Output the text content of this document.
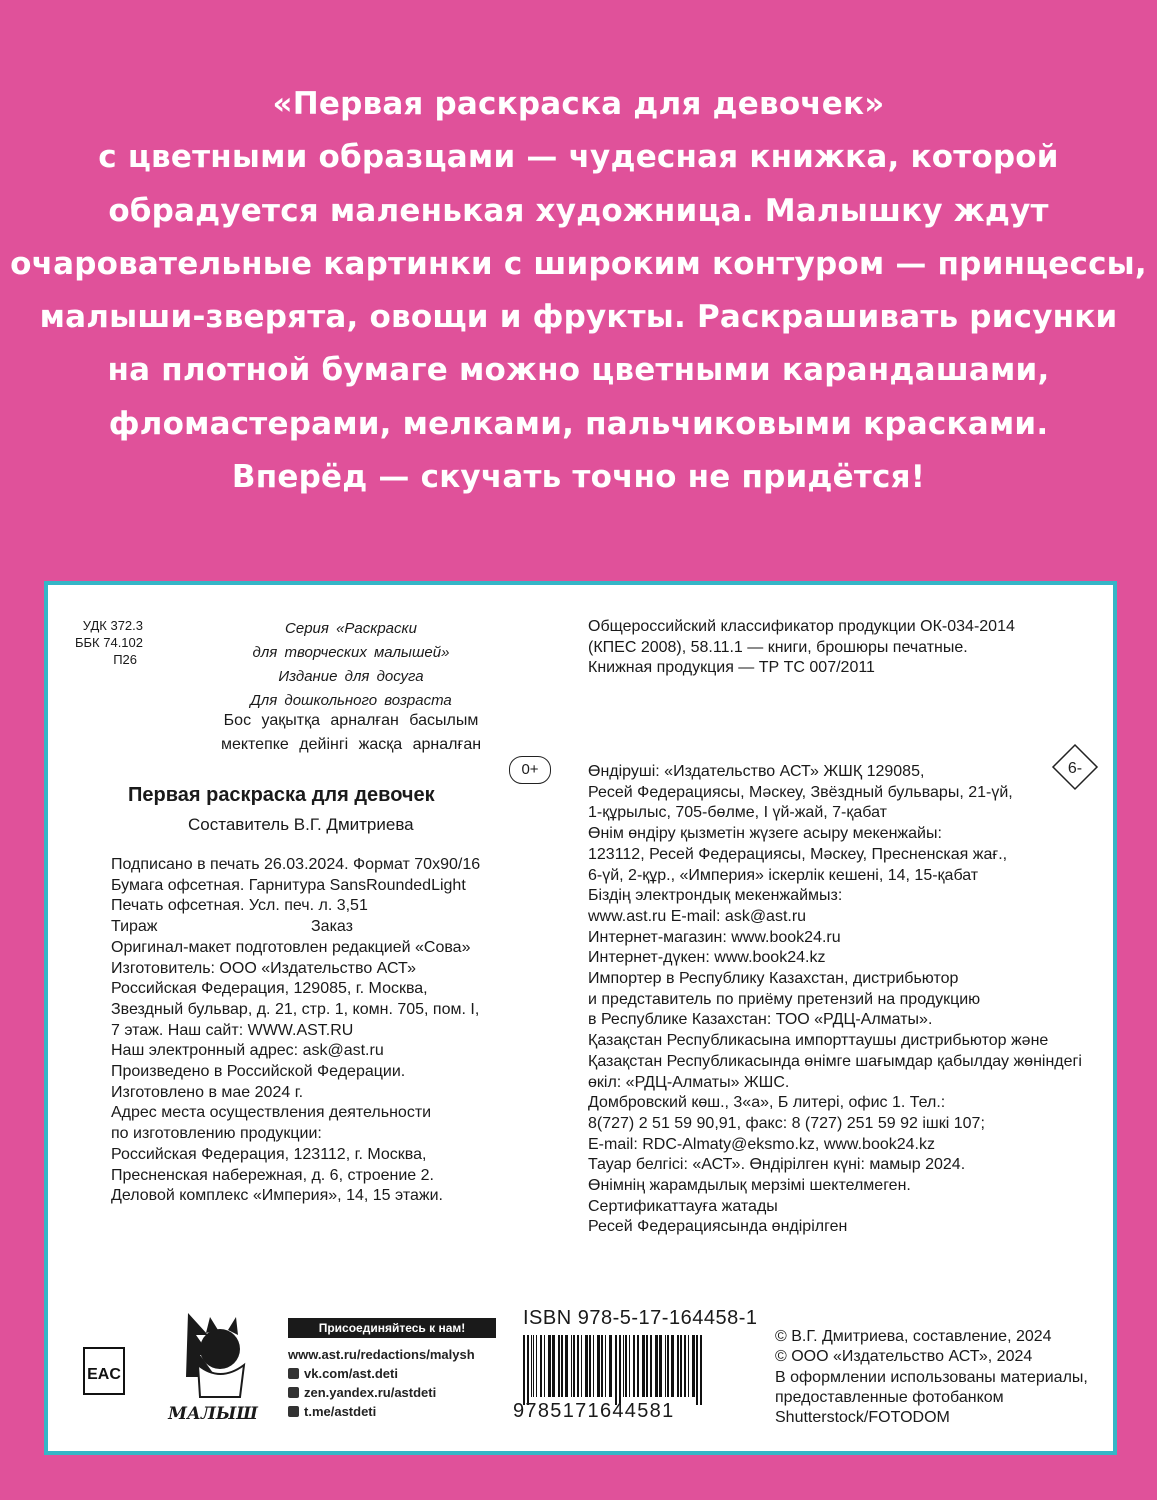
«Первая раскраска для девочек»
с цветными образцами — чудесная книжка, которой
обрадуется маленькая художница. Малышку ждут
очаровательные картинки с широким контуром — принцессы,
малыши-зверята, овощи и фрукты. Раскрашивать рисунки
на плотной бумаге можно цветными карандашами,
фломастерами, мелками, пальчиковыми красками.
Вперёд — скучать точно не придётся!
УДК 372.3
ББК 74.102
П26
Серия «Раскраски
для творческих малышей»
Издание для досуга
Для дошкольного возраста
Бос уақытқа арналған басылым
мектепке дейінгі жасқа арналған
0+	6-
Первая раскраска для девочек
Составитель В.Г. Дмитриева
Подписано в печать 26.03.2024. Формат 70х90/16
Бумага офсетная. Гарнитура SansRoundedLight
Печать офсетная. Усл. печ. л. 3,51
Тираж	Заказ
Оригинал-макет подготовлен редакцией «Сова»
Изготовитель: ООО «Издательство АСТ»
Российская Федерация, 129085, г. Москва,
Звездный бульвар, д. 21, стр. 1, комн. 705, пом. I,
7 этаж. Наш сайт: WWW.AST.RU
Наш электронный адрес: ask@ast.ru
Произведено в Российской Федерации.
Изготовлено в мае 2024 г.
Адрес места осуществления деятельности
по изготовлению продукции:
Российская Федерация, 123112, г. Москва,
Пресненская набережная, д. 6, строение 2.
Деловой комплекс «Империя», 14, 15 этажи.
Общероссийский классификатор продукции ОК-034-2014
(КПЕС 2008), 58.11.1 — книги, брошюры печатные.
Книжная продукция — ТР ТС 007/2011
Өндіруші: «Издательство АСТ» ЖШҚ 129085,
Ресей Федерациясы, Мәскеу, Звёздный бульвары, 21-үй,
1-құрылыс, 705-бөлме, I үй-жай, 7-қабат
Өнім өндіру қызметін жүзеге асыру мекенжайы:
123112, Ресей Федерациясы, Мәскеу, Пресненская жағ.,
6-үй, 2-құр., «Империя» іскерлік кешені, 14, 15-қабат
Біздің электрондық мекенжаймыз:
www.ast.ru E-mail: ask@ast.ru
Интернет-магазин: www.book24.ru
Интернет-дүкен: www.book24.kz
Импортер в Республику Казахстан, дистрибьютор
и представитель по приёму претензий на продукцию
в Республике Казахстан: ТОО «РДЦ-Алматы».
Қазақстан Республикасына импорттаушы дистрибьютор және
Қазақстан Республикасында өнімге шағымдар қабылдау жөніндегі
өкіл: «РДЦ-Алматы» ЖШС.
Домбровский көш., 3«а», Б литері, офис 1. Тел.:
8(727) 2 51 59 90,91, факс: 8 (727) 251 59 92 ішкі 107;
E-mail: RDC-Almaty@eksmo.kz, www.book24.kz
Тауар белгісі: «АСТ». Өндірілген күні: мамыр 2024.
Өнімнің жарамдылық мерзімі шектелмеген.
Сертификаттауға жатады
Ресей Федерациясында өндірілген
EAC
МАЛЫШ
Присоединяйтесь к нам!
www.ast.ru/redactions/malysh
vk.com/ ast.deti
zen.yandex.ru/ astdeti
t.me/ astdeti
ISBN 978-5-17-164458-1
9785171644581
© В.Г. Дмитриева, составление, 2024
© ООО «Издательство АСТ», 2024
В оформлении использованы материалы,
предоставленные фотобанком
Shutterstock/FOTODOM
